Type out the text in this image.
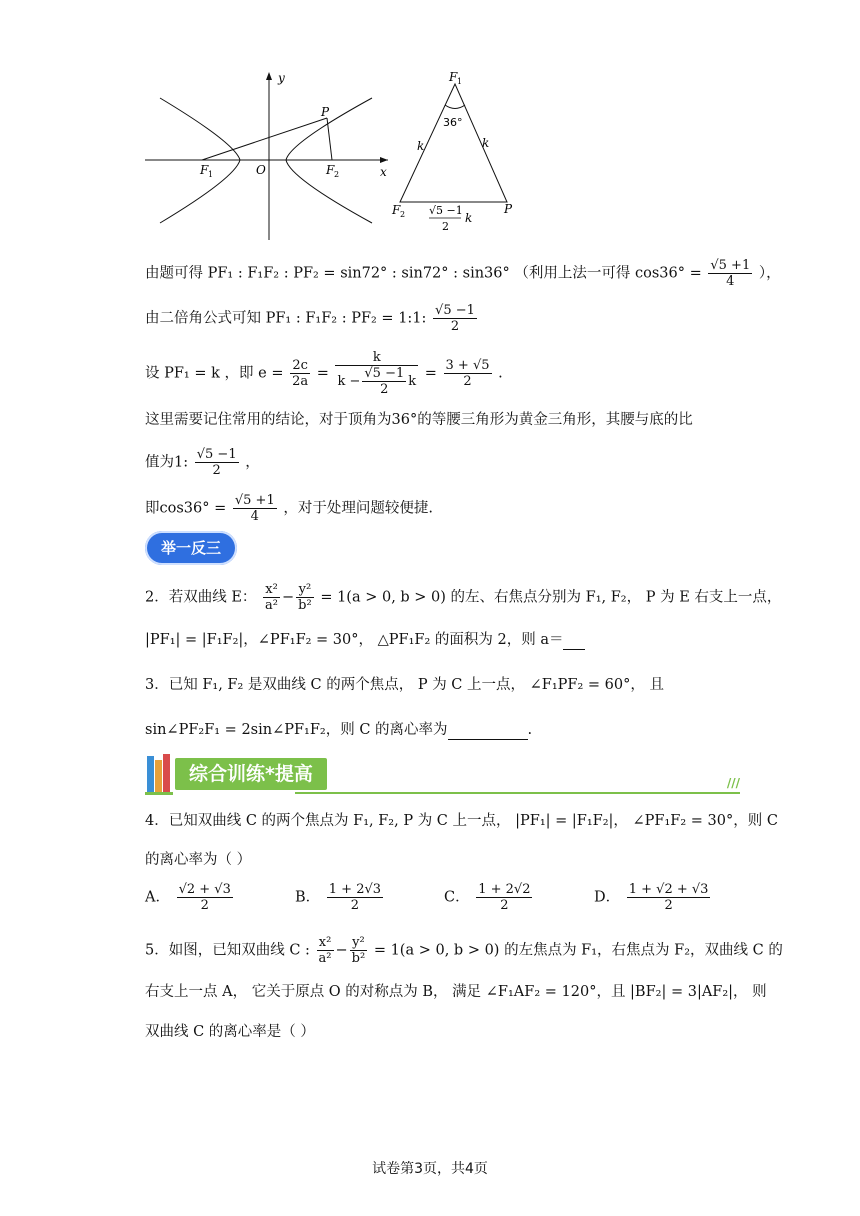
y
x
P
O
F 1	F 2
F 1
36°
k	k
F 2	P
√5 −1
2
k
由题可得 PF₁ : F₁F₂ : PF₂ = sin72° : sin72° : sin36° （利用上法一可得 $\cos 36^\circ = \frac{√5 +1}{4}$ ），
由二倍角公式可知 PF₁ : F₁F₂ : PF₂ = 1:1: $\frac{√5 -1}{2}$
设 PF₁ = k ，即 $e = \frac{2c}{2a} = \frac{k}{k - \frac{√5 -1}{2} k} = \frac{3 + √5}{2}$ .
这里需要记住常用的结论，对于顶角为36°的等腰三角形为黄金三角形，其腰与底的比
值为1: $\frac{√5 -1}{2}$ ，
即$\cos 36^\circ = \frac{√5 +1}{4}$ ，对于处理问题较便捷.
举一反三
2．若双曲线 E： $\frac{\text{x²}}{\text{a²}} - \frac{\text{y²}}{\text{b²}} = 1(a > 0$, b > 0) 的左、右焦点分别为 F₁, F₂， P 为 E 右支上一点，
|PF₁| = |F₁F₂|，∠PF₁F₂ = 30°， △PF₁F₂ 的面积为 2，则 a＝
3．已知 F₁, F₂ 是双曲线 C 的两个焦点， P 为 C 上一点， ∠F₁PF₂ = 60°， 且
sin∠PF₂F₁ = 2sin∠PF₁F₂，则 C 的离心率为	.
综合训练*提高	///
4．已知双曲线 C 的两个焦点为 F₁, F₂, P 为 C 上一点， |PF₁| = |F₁F₂|， ∠PF₁F₂ = 30°，则 C
的离心率为（ ）
A． $\frac{√2 + √3}{2}$	B． $\frac{1 + 2√3}{2}$	C． $\frac{1 + 2√2}{2}$	D． $\frac{1 + √2 + √3}{2}$
5．如图，已知双曲线 C : $\frac{\text{x²}}{\text{a²}} - \frac{\text{y²}}{\text{b²}} = 1(a > 0$, b > 0) 的左焦点为 F₁，右焦点为 F₂，双曲线 C 的
右支上一点 A， 它关于原点 O 的对称点为 B， 满足 ∠F₁AF₂ = 120°，且 |BF₂| = 3|AF₂|， 则
双曲线 C 的离心率是（ ）
试卷第3页，共4页
